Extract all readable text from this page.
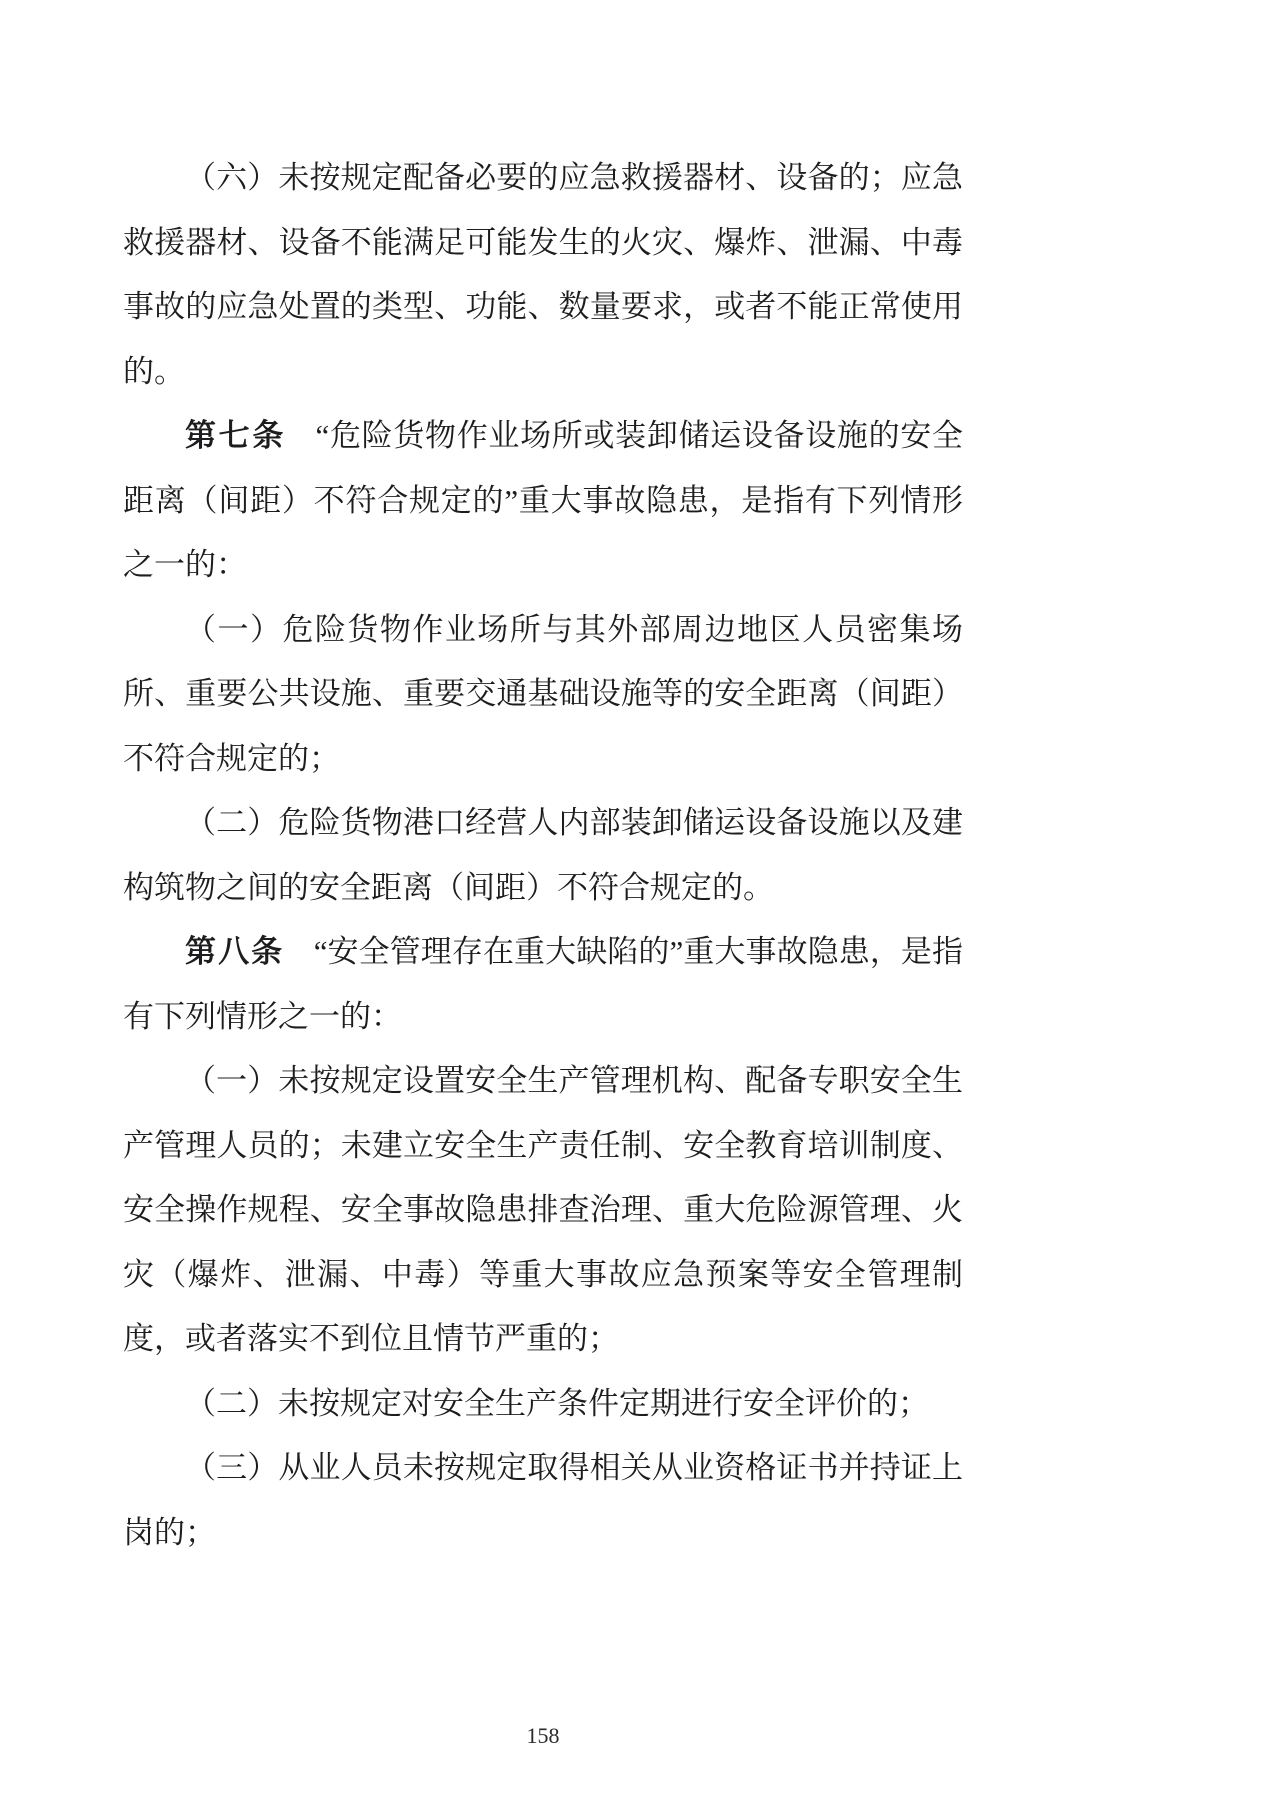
（六）未按规定配备必要的应急救援器材、设备的；应急救援器材、设备不能满足可能发生的火灾、爆炸、泄漏、中毒事故的应急处置的类型、功能、数量要求，或者不能正常使用的。

第七条 “危险货物作业场所或装卸储运设备设施的安全距离（间距）不符合规定的”重大事故隐患，是指有下列情形之一的：

（一）危险货物作业场所与其外部周边地区人员密集场所、重要公共设施、重要交通基础设施等的安全距离（间距）不符合规定的；

（二）危险货物港口经营人内部装卸储运设备设施以及建构筑物之间的安全距离（间距）不符合规定的。

第八条 “安全管理存在重大缺陷的”重大事故隐患，是指有下列情形之一的：

（一）未按规定设置安全生产管理机构、配备专职安全生产管理人员的；未建立安全生产责任制、安全教育培训制度、安全操作规程、安全事故隐患排查治理、重大危险源管理、火灾（爆炸、泄漏、中毒）等重大事故应急预案等安全管理制度，或者落实不到位且情节严重的；

（二）未按规定对安全生产条件定期进行安全评价的；

（三）从业人员未按规定取得相关从业资格证书并持证上岗的；

158
